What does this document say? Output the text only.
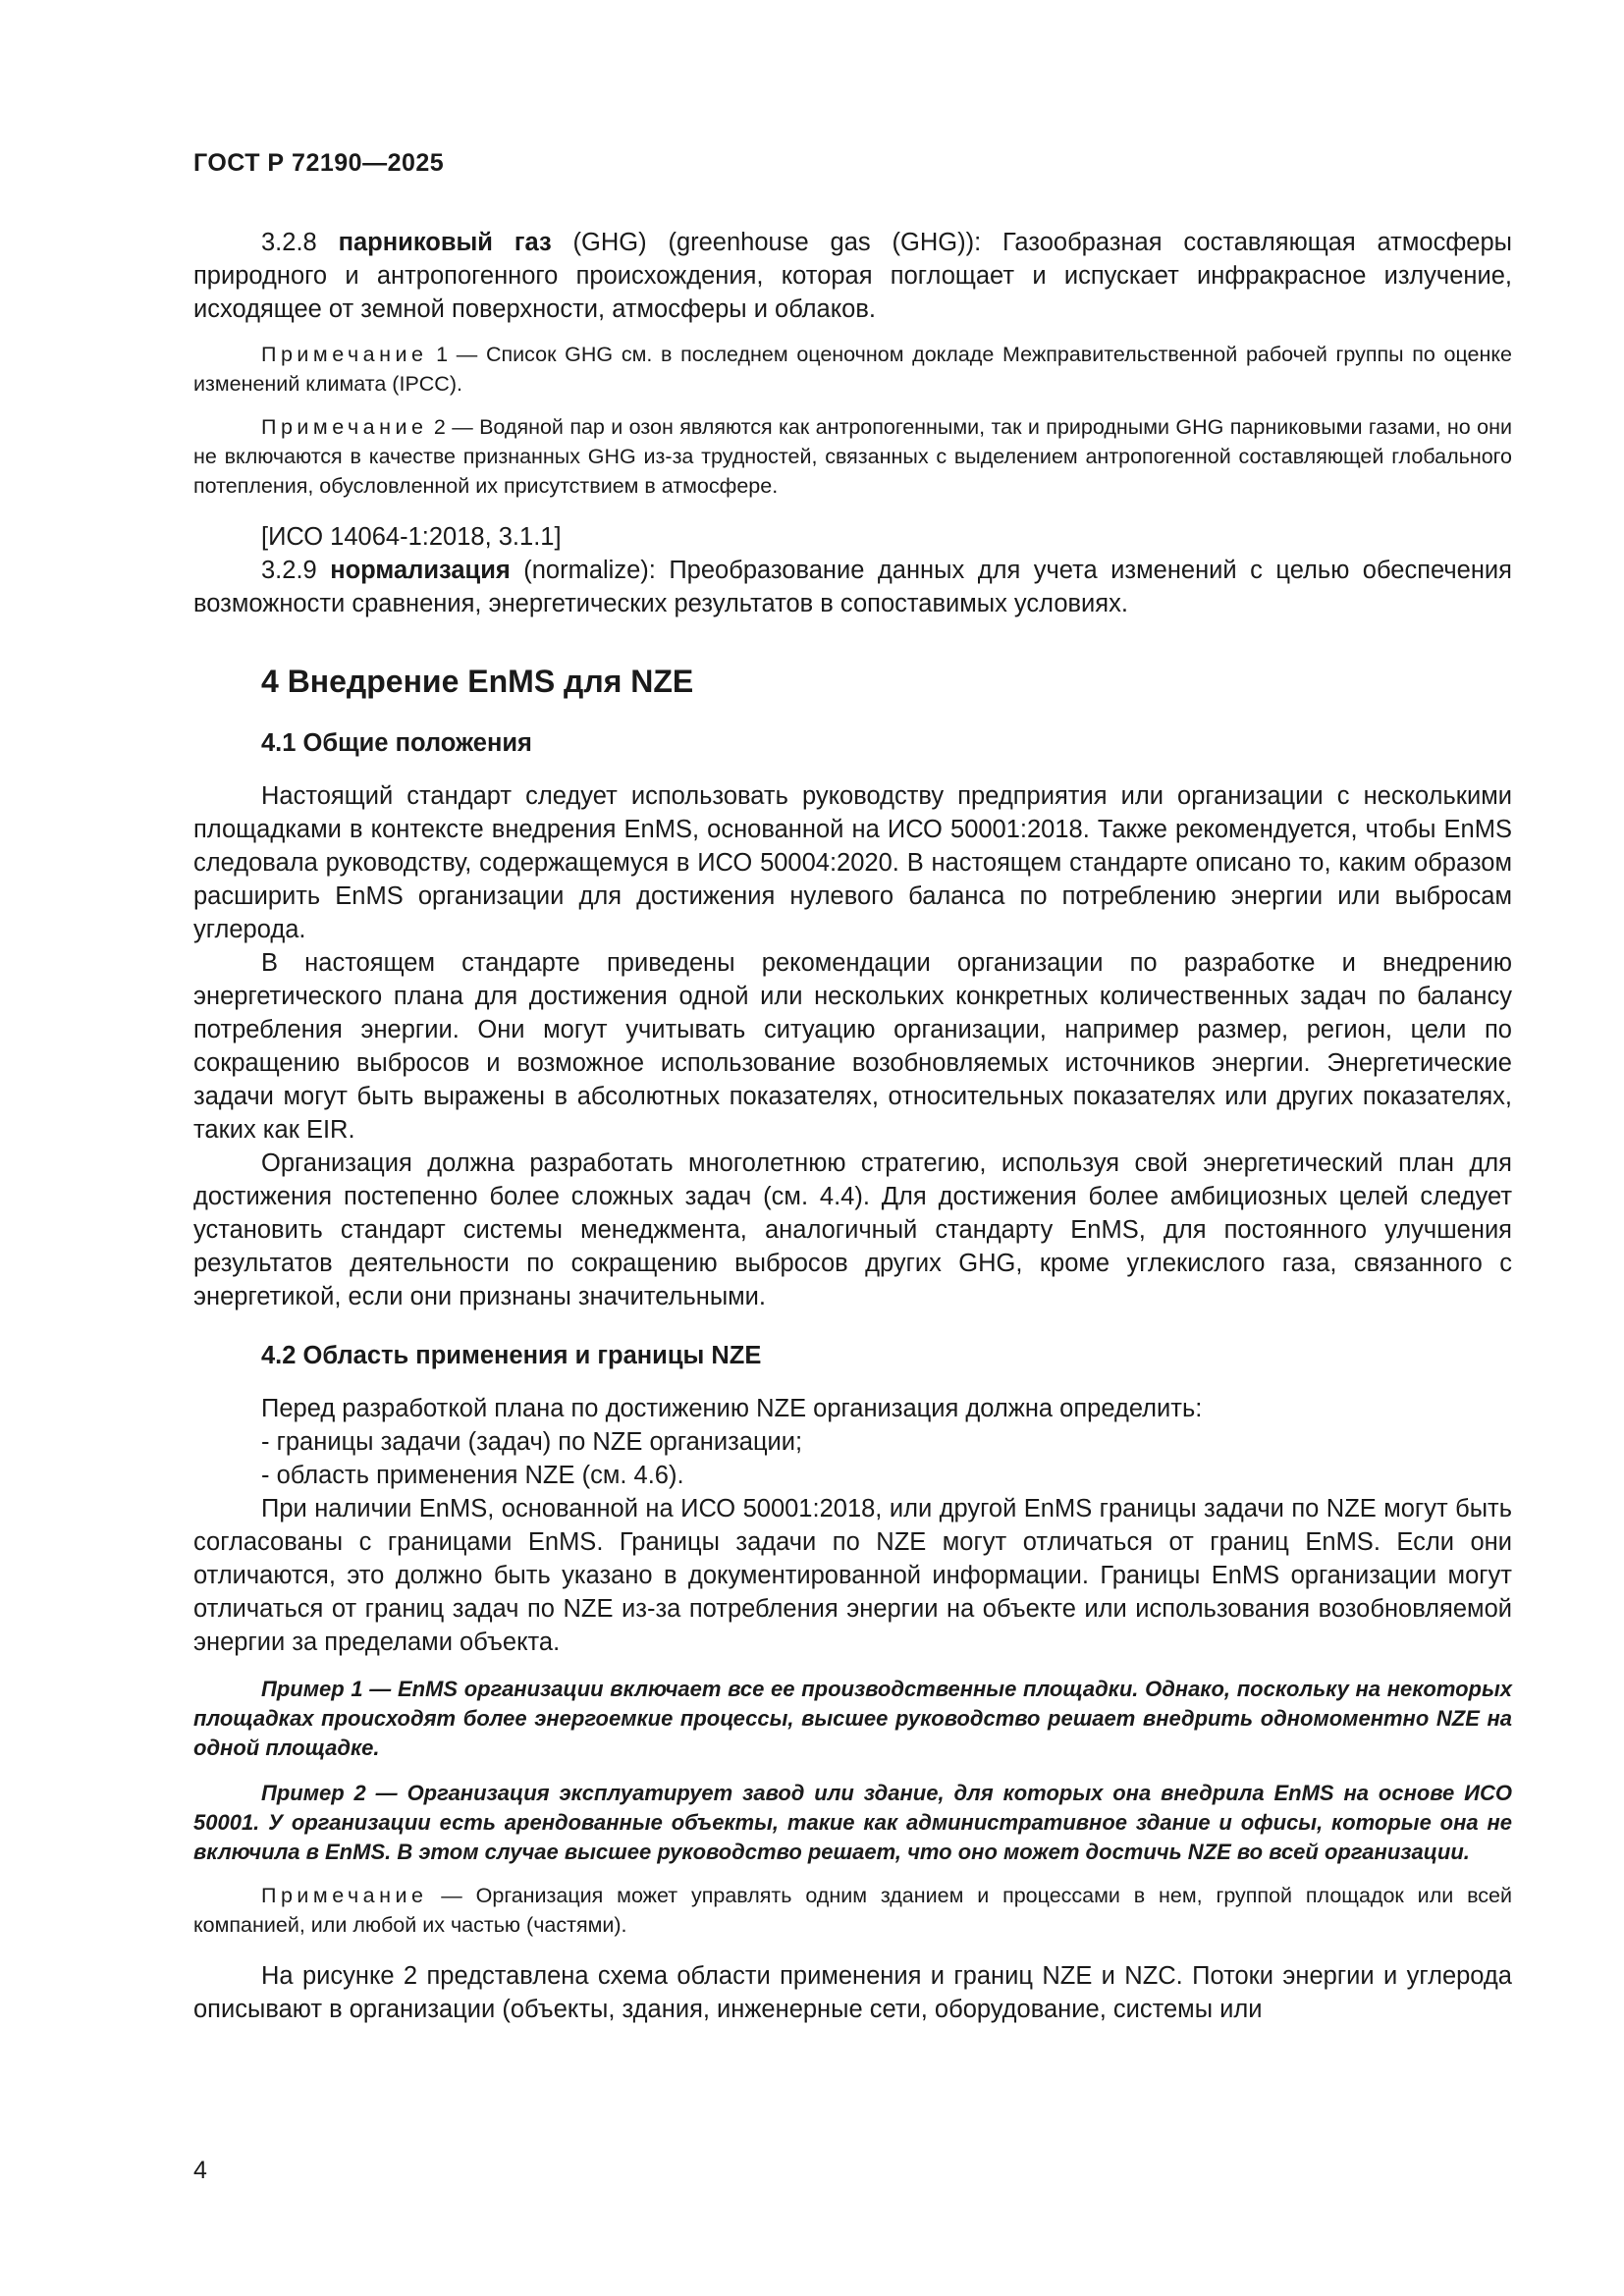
ГОСТ Р 72190—2025

3.2.8 парниковый газ (GHG) (greenhouse gas (GHG)): Газообразная составляющая атмосферы природного и антропогенного происхождения, которая поглощает и испускает инфракрасное излучение, исходящее от земной поверхности, атмосферы и облаков.

Примечание 1 — Список GHG см. в последнем оценочном докладе Межправительственной рабочей группы по оценке изменений климата (IPCC).

Примечание 2 — Водяной пар и озон являются как антропогенными, так и природными GHG парниковыми газами, но они не включаются в качестве признанных GHG из-за трудностей, связанных с выделением антропогенной составляющей глобального потепления, обусловленной их присутствием в атмосфере.

[ИСО 14064-1:2018, 3.1.1]

3.2.9 нормализация (normalize): Преобразование данных для учета изменений с целью обеспечения возможности сравнения, энергетических результатов в сопоставимых условиях.

4 Внедрение EnMS для NZE
4.1 Общие положения

Настоящий стандарт следует использовать руководству предприятия или организации с несколькими площадками в контексте внедрения EnMS, основанной на ИСО 50001:2018. Также рекомендуется, чтобы EnMS следовала руководству, содержащемуся в ИСО 50004:2020. В настоящем стандарте описано то, каким образом расширить EnMS организации для достижения нулевого баланса по потреблению энергии или выбросам углерода.

В настоящем стандарте приведены рекомендации организации по разработке и внедрению энергетического плана для достижения одной или нескольких конкретных количественных задач по балансу потребления энергии. Они могут учитывать ситуацию организации, например размер, регион, цели по сокращению выбросов и возможное использование возобновляемых источников энергии. Энергетические задачи могут быть выражены в абсолютных показателях, относительных показателях или других показателях, таких как EIR.

Организация должна разработать многолетнюю стратегию, используя свой энергетический план для достижения постепенно более сложных задач (см. 4.4). Для достижения более амбициозных целей следует установить стандарт системы менеджмента, аналогичный стандарту EnMS, для постоянного улучшения результатов деятельности по сокращению выбросов других GHG, кроме углекислого газа, связанного с энергетикой, если они признаны значительными.

4.2 Область применения и границы NZE

Перед разработкой плана по достижению NZE организация должна определить:

- границы задачи (задач) по NZE организации;

- область применения NZE (см. 4.6).

При наличии EnMS, основанной на ИСО 50001:2018, или другой EnMS границы задачи по NZE могут быть согласованы с границами EnMS. Границы задачи по NZE могут отличаться от границ EnMS. Если они отличаются, это должно быть указано в документированной информации. Границы EnMS организации могут отличаться от границ задач по NZE из-за потребления энергии на объекте или использования возобновляемой энергии за пределами объекта.

Пример 1 — EnMS организации включает все ее производственные площадки. Однако, поскольку на некоторых площадках происходят более энергоемкие процессы, высшее руководство решает внедрить одномоментно NZE на одной площадке.

Пример 2 — Организация эксплуатирует завод или здание, для которых она внедрила EnMS на основе ИСО 50001. У организации есть арендованные объекты, такие как административное здание и офисы, которые она не включила в EnMS. В этом случае высшее руководство решает, что оно может достичь NZE во всей организации.

Примечание — Организация может управлять одним зданием и процессами в нем, группой площадок или всей компанией, или любой их частью (частями).

На рисунке 2 представлена схема области применения и границ NZE и NZC. Потоки энергии и углерода описывают в организации (объекты, здания, инженерные сети, оборудование, системы или

4
